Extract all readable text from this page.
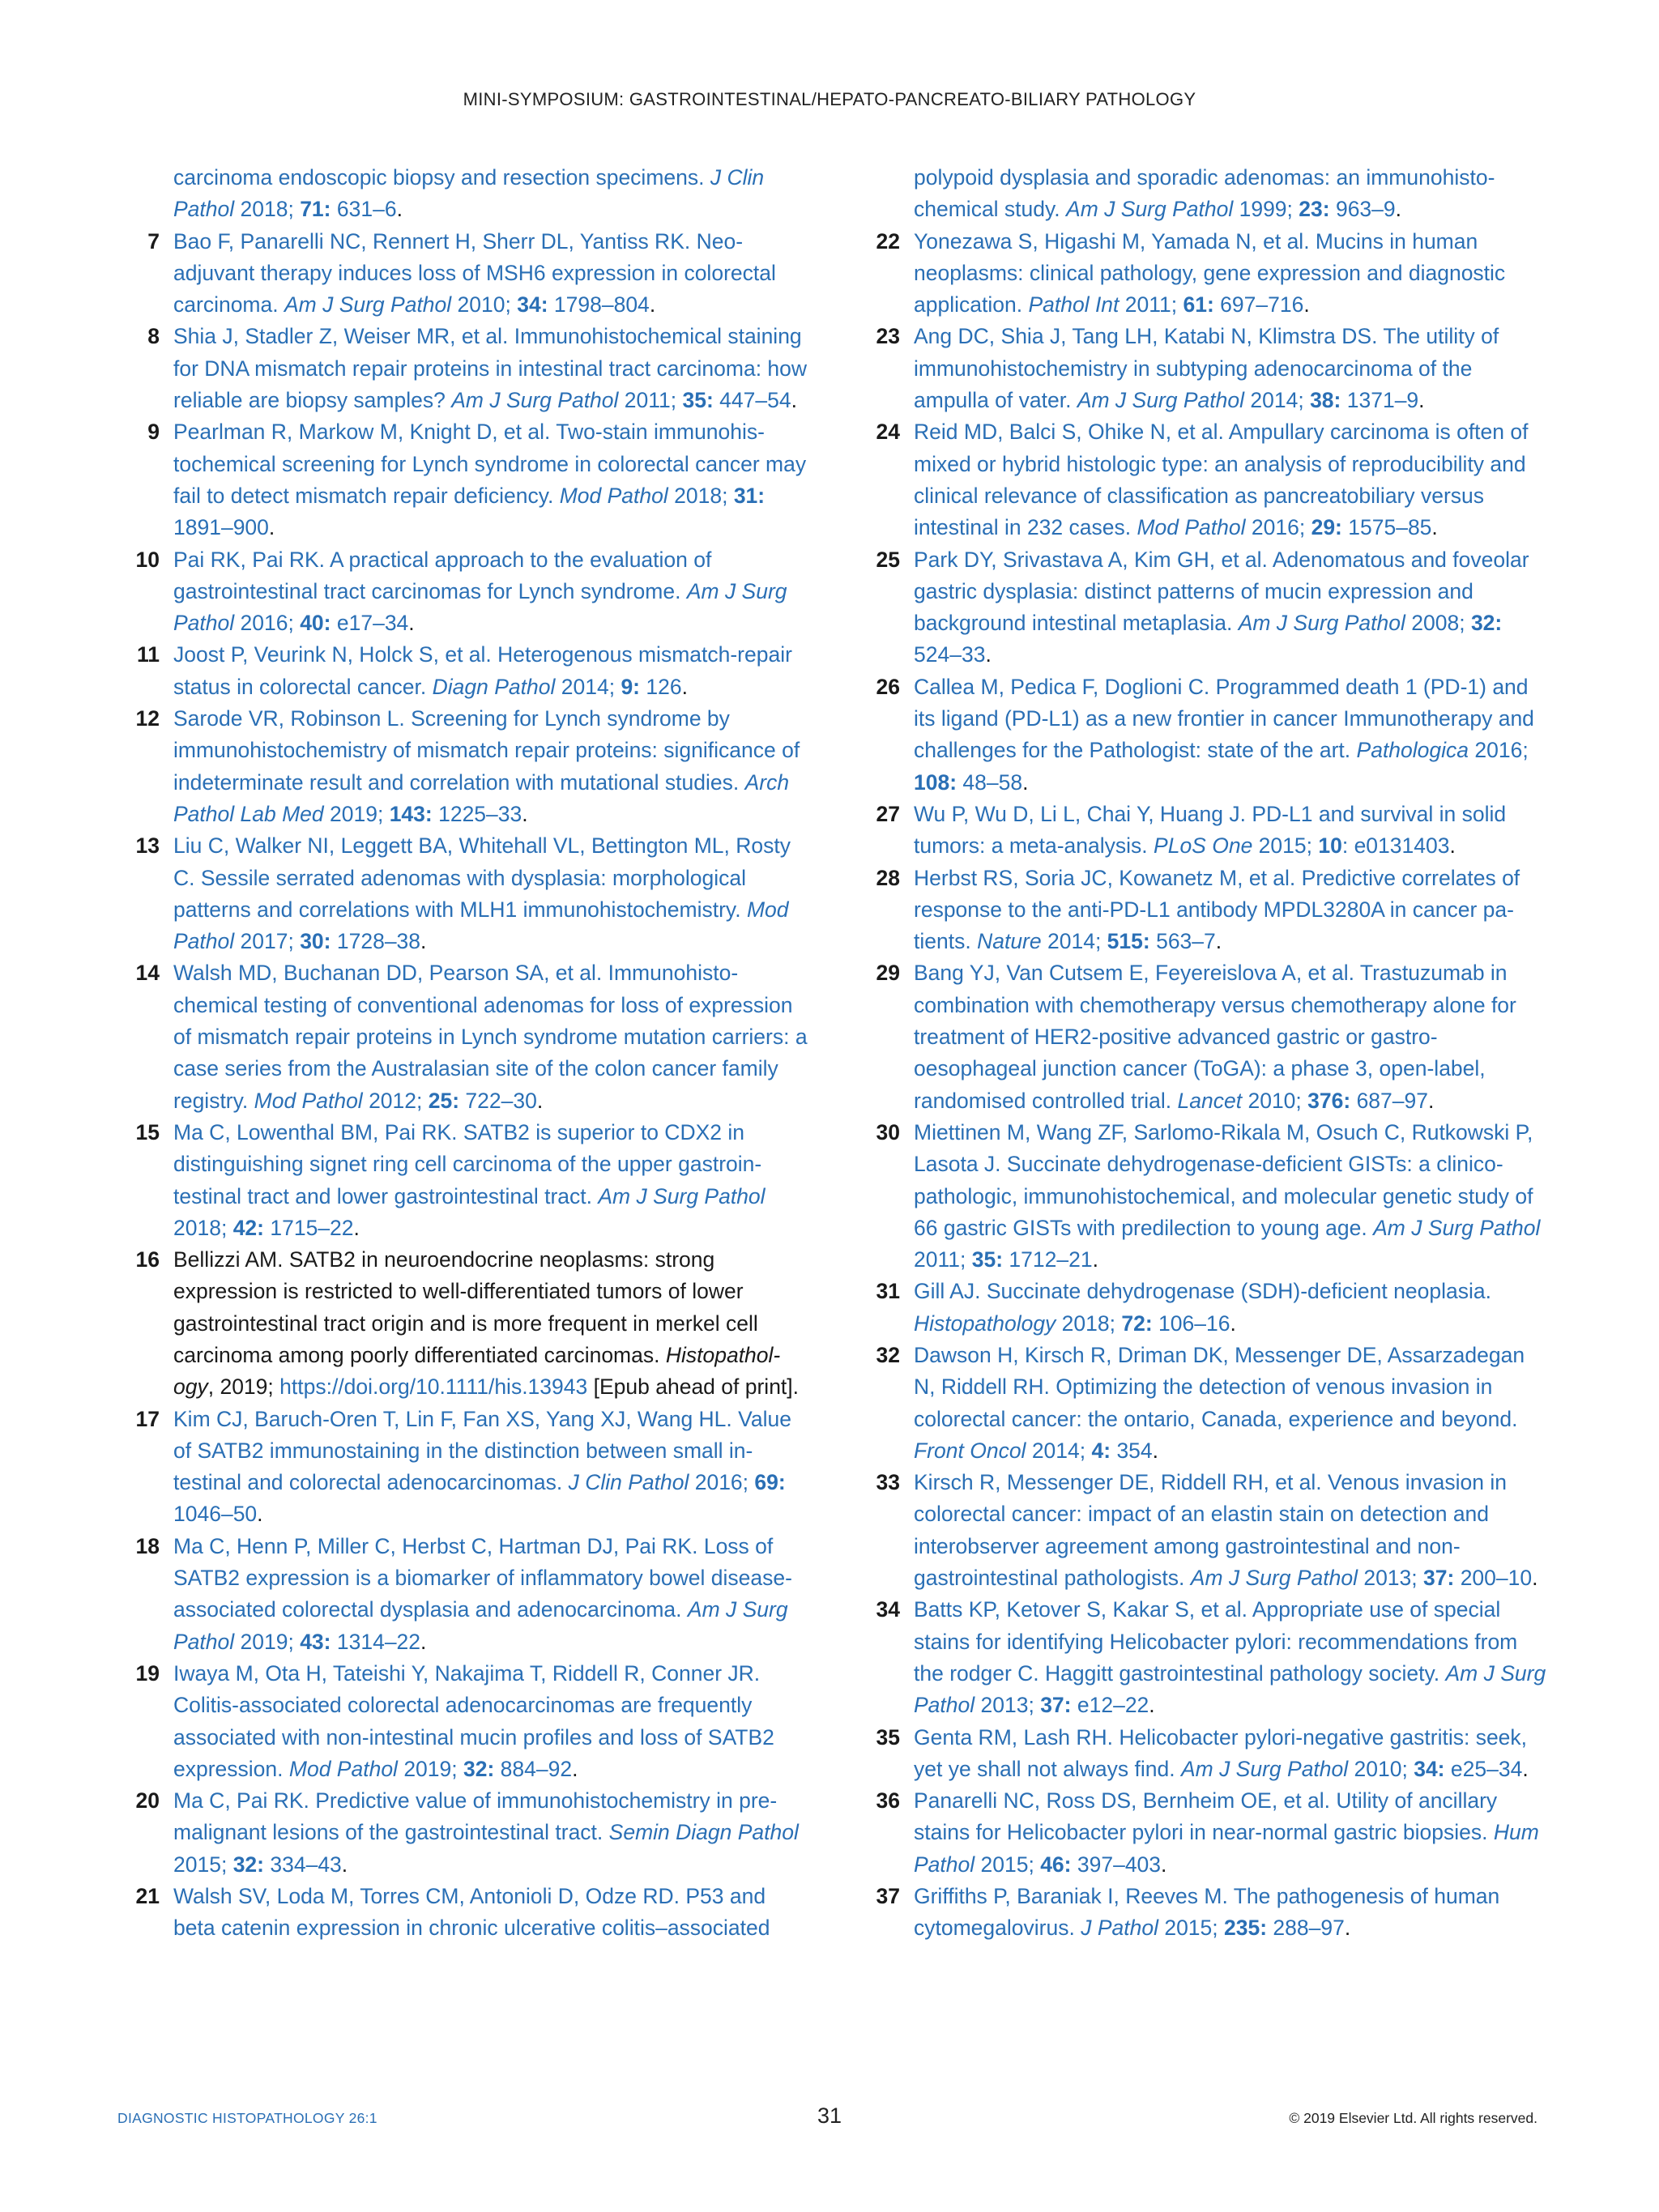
MINI-SYMPOSIUM: GASTROINTESTINAL/HEPATO-PANCREATO-BILIARY PATHOLOGY
carcinoma endoscopic biopsy and resection specimens. J Clin Pathol 2018; 71: 631–6.
7 Bao F, Panarelli NC, Rennert H, Sherr DL, Yantiss RK. Neoadjuvant therapy induces loss of MSH6 expression in colorectal carcinoma. Am J Surg Pathol 2010; 34: 1798–804.
8 Shia J, Stadler Z, Weiser MR, et al. Immunohistochemical staining for DNA mismatch repair proteins in intestinal tract carcinoma: how reliable are biopsy samples? Am J Surg Pathol 2011; 35: 447–54.
9 Pearlman R, Markow M, Knight D, et al. Two-stain immunohistochemical screening for Lynch syndrome in colorectal cancer may fail to detect mismatch repair deficiency. Mod Pathol 2018; 31: 1891–900.
10 Pai RK, Pai RK. A practical approach to the evaluation of gastrointestinal tract carcinomas for Lynch syndrome. Am J Surg Pathol 2016; 40: e17–34.
11 Joost P, Veurink N, Holck S, et al. Heterogenous mismatch-repair status in colorectal cancer. Diagn Pathol 2014; 9: 126.
12 Sarode VR, Robinson L. Screening for Lynch syndrome by immunohistochemistry of mismatch repair proteins: significance of indeterminate result and correlation with mutational studies. Arch Pathol Lab Med 2019; 143: 1225–33.
13 Liu C, Walker NI, Leggett BA, Whitehall VL, Bettington ML, Rosty C. Sessile serrated adenomas with dysplasia: morphological patterns and correlations with MLH1 immunohistochemistry. Mod Pathol 2017; 30: 1728–38.
14 Walsh MD, Buchanan DD, Pearson SA, et al. Immunohistochemical testing of conventional adenomas for loss of expression of mismatch repair proteins in Lynch syndrome mutation carriers: a case series from the Australasian site of the colon cancer family registry. Mod Pathol 2012; 25: 722–30.
15 Ma C, Lowenthal BM, Pai RK. SATB2 is superior to CDX2 in distinguishing signet ring cell carcinoma of the upper gastrointestinal tract and lower gastrointestinal tract. Am J Surg Pathol 2018; 42: 1715–22.
16 Bellizzi AM. SATB2 in neuroendocrine neoplasms: strong expression is restricted to well-differentiated tumors of lower gastrointestinal tract origin and is more frequent in merkel cell carcinoma among poorly differentiated carcinomas. Histopathology, 2019; https://doi.org/10.1111/his.13943 [Epub ahead of print].
17 Kim CJ, Baruch-Oren T, Lin F, Fan XS, Yang XJ, Wang HL. Value of SATB2 immunostaining in the distinction between small intestinal and colorectal adenocarcinomas. J Clin Pathol 2016; 69: 1046–50.
18 Ma C, Henn P, Miller C, Herbst C, Hartman DJ, Pai RK. Loss of SATB2 expression is a biomarker of inflammatory bowel disease-associated colorectal dysplasia and adenocarcinoma. Am J Surg Pathol 2019; 43: 1314–22.
19 Iwaya M, Ota H, Tateishi Y, Nakajima T, Riddell R, Conner JR. Colitis-associated colorectal adenocarcinomas are frequently associated with non-intestinal mucin profiles and loss of SATB2 expression. Mod Pathol 2019; 32: 884–92.
20 Ma C, Pai RK. Predictive value of immunohistochemistry in premalignant lesions of the gastrointestinal tract. Semin Diagn Pathol 2015; 32: 334–43.
21 Walsh SV, Loda M, Torres CM, Antonioli D, Odze RD. P53 and beta catenin expression in chronic ulcerative colitis–associated
polypoid dysplasia and sporadic adenomas: an immunohistochemical study. Am J Surg Pathol 1999; 23: 963–9.
22 Yonezawa S, Higashi M, Yamada N, et al. Mucins in human neoplasms: clinical pathology, gene expression and diagnostic application. Pathol Int 2011; 61: 697–716.
23 Ang DC, Shia J, Tang LH, Katabi N, Klimstra DS. The utility of immunohistochemistry in subtyping adenocarcinoma of the ampulla of vater. Am J Surg Pathol 2014; 38: 1371–9.
24 Reid MD, Balci S, Ohike N, et al. Ampullary carcinoma is often of mixed or hybrid histologic type: an analysis of reproducibility and clinical relevance of classification as pancreatobiliary versus intestinal in 232 cases. Mod Pathol 2016; 29: 1575–85.
25 Park DY, Srivastava A, Kim GH, et al. Adenomatous and foveolar gastric dysplasia: distinct patterns of mucin expression and background intestinal metaplasia. Am J Surg Pathol 2008; 32: 524–33.
26 Callea M, Pedica F, Doglioni C. Programmed death 1 (PD-1) and its ligand (PD-L1) as a new frontier in cancer Immunotherapy and challenges for the Pathologist: state of the art. Pathologica 2016; 108: 48–58.
27 Wu P, Wu D, Li L, Chai Y, Huang J. PD-L1 and survival in solid tumors: a meta-analysis. PLoS One 2015; 10: e0131403.
28 Herbst RS, Soria JC, Kowanetz M, et al. Predictive correlates of response to the anti-PD-L1 antibody MPDL3280A in cancer patients. Nature 2014; 515: 563–7.
29 Bang YJ, Van Cutsem E, Feyereislova A, et al. Trastuzumab in combination with chemotherapy versus chemotherapy alone for treatment of HER2-positive advanced gastric or gastro-oesophageal junction cancer (ToGA): a phase 3, open-label, randomised controlled trial. Lancet 2010; 376: 687–97.
30 Miettinen M, Wang ZF, Sarlomo-Rikala M, Osuch C, Rutkowski P, Lasota J. Succinate dehydrogenase-deficient GISTs: a clinico-pathologic, immunohistochemical, and molecular genetic study of 66 gastric GISTs with predilection to young age. Am J Surg Pathol 2011; 35: 1712–21.
31 Gill AJ. Succinate dehydrogenase (SDH)-deficient neoplasia. Histopathology 2018; 72: 106–16.
32 Dawson H, Kirsch R, Driman DK, Messenger DE, Assarzadegan N, Riddell RH. Optimizing the detection of venous invasion in colorectal cancer: the ontario, Canada, experience and beyond. Front Oncol 2014; 4: 354.
33 Kirsch R, Messenger DE, Riddell RH, et al. Venous invasion in colorectal cancer: impact of an elastin stain on detection and interobserver agreement among gastrointestinal and non-gastrointestinal pathologists. Am J Surg Pathol 2013; 37: 200–10.
34 Batts KP, Ketover S, Kakar S, et al. Appropriate use of special stains for identifying Helicobacter pylori: recommendations from the rodger C. Haggitt gastrointestinal pathology society. Am J Surg Pathol 2013; 37: e12–22.
35 Genta RM, Lash RH. Helicobacter pylori-negative gastritis: seek, yet ye shall not always find. Am J Surg Pathol 2010; 34: e25–34.
36 Panarelli NC, Ross DS, Bernheim OE, et al. Utility of ancillary stains for Helicobacter pylori in near-normal gastric biopsies. Hum Pathol 2015; 46: 397–403.
37 Griffiths P, Baraniak I, Reeves M. The pathogenesis of human cytomegalovirus. J Pathol 2015; 235: 288–97.
DIAGNOSTIC HISTOPATHOLOGY 26:1	31	© 2019 Elsevier Ltd. All rights reserved.
